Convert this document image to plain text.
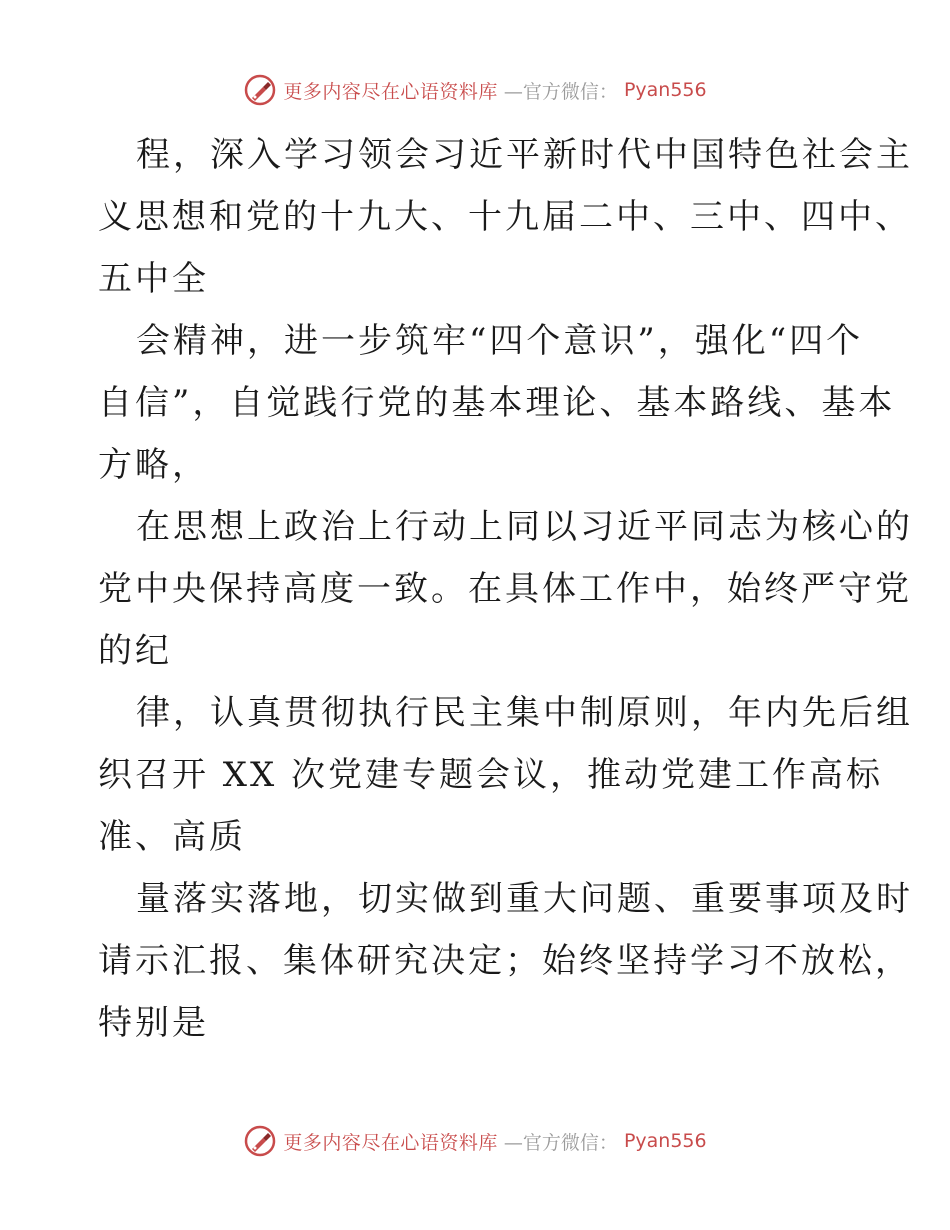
更多内容尽在心语资料库 —官方微信： Pyan556
程，深入学习领会习近平新时代中国特色社会主
义思想和党的十九大、十九届二中、三中、四中、
五中全
会精神，进一步筑牢“四个意识”，强化“四个
自信”，自觉践行党的基本理论、基本路线、基本
方略，
在思想上政治上行动上同以习近平同志为核心的
党中央保持高度一致。在具体工作中，始终严守党
的纪
律，认真贯彻执行民主集中制原则，年内先后组
织召开 XX 次党建专题会议，推动党建工作高标
准、高质
量落实落地，切实做到重大问题、重要事项及时
请示汇报、集体研究决定；始终坚持学习不放松，
特别是
更多内容尽在心语资料库 —官方微信： Pyan556
